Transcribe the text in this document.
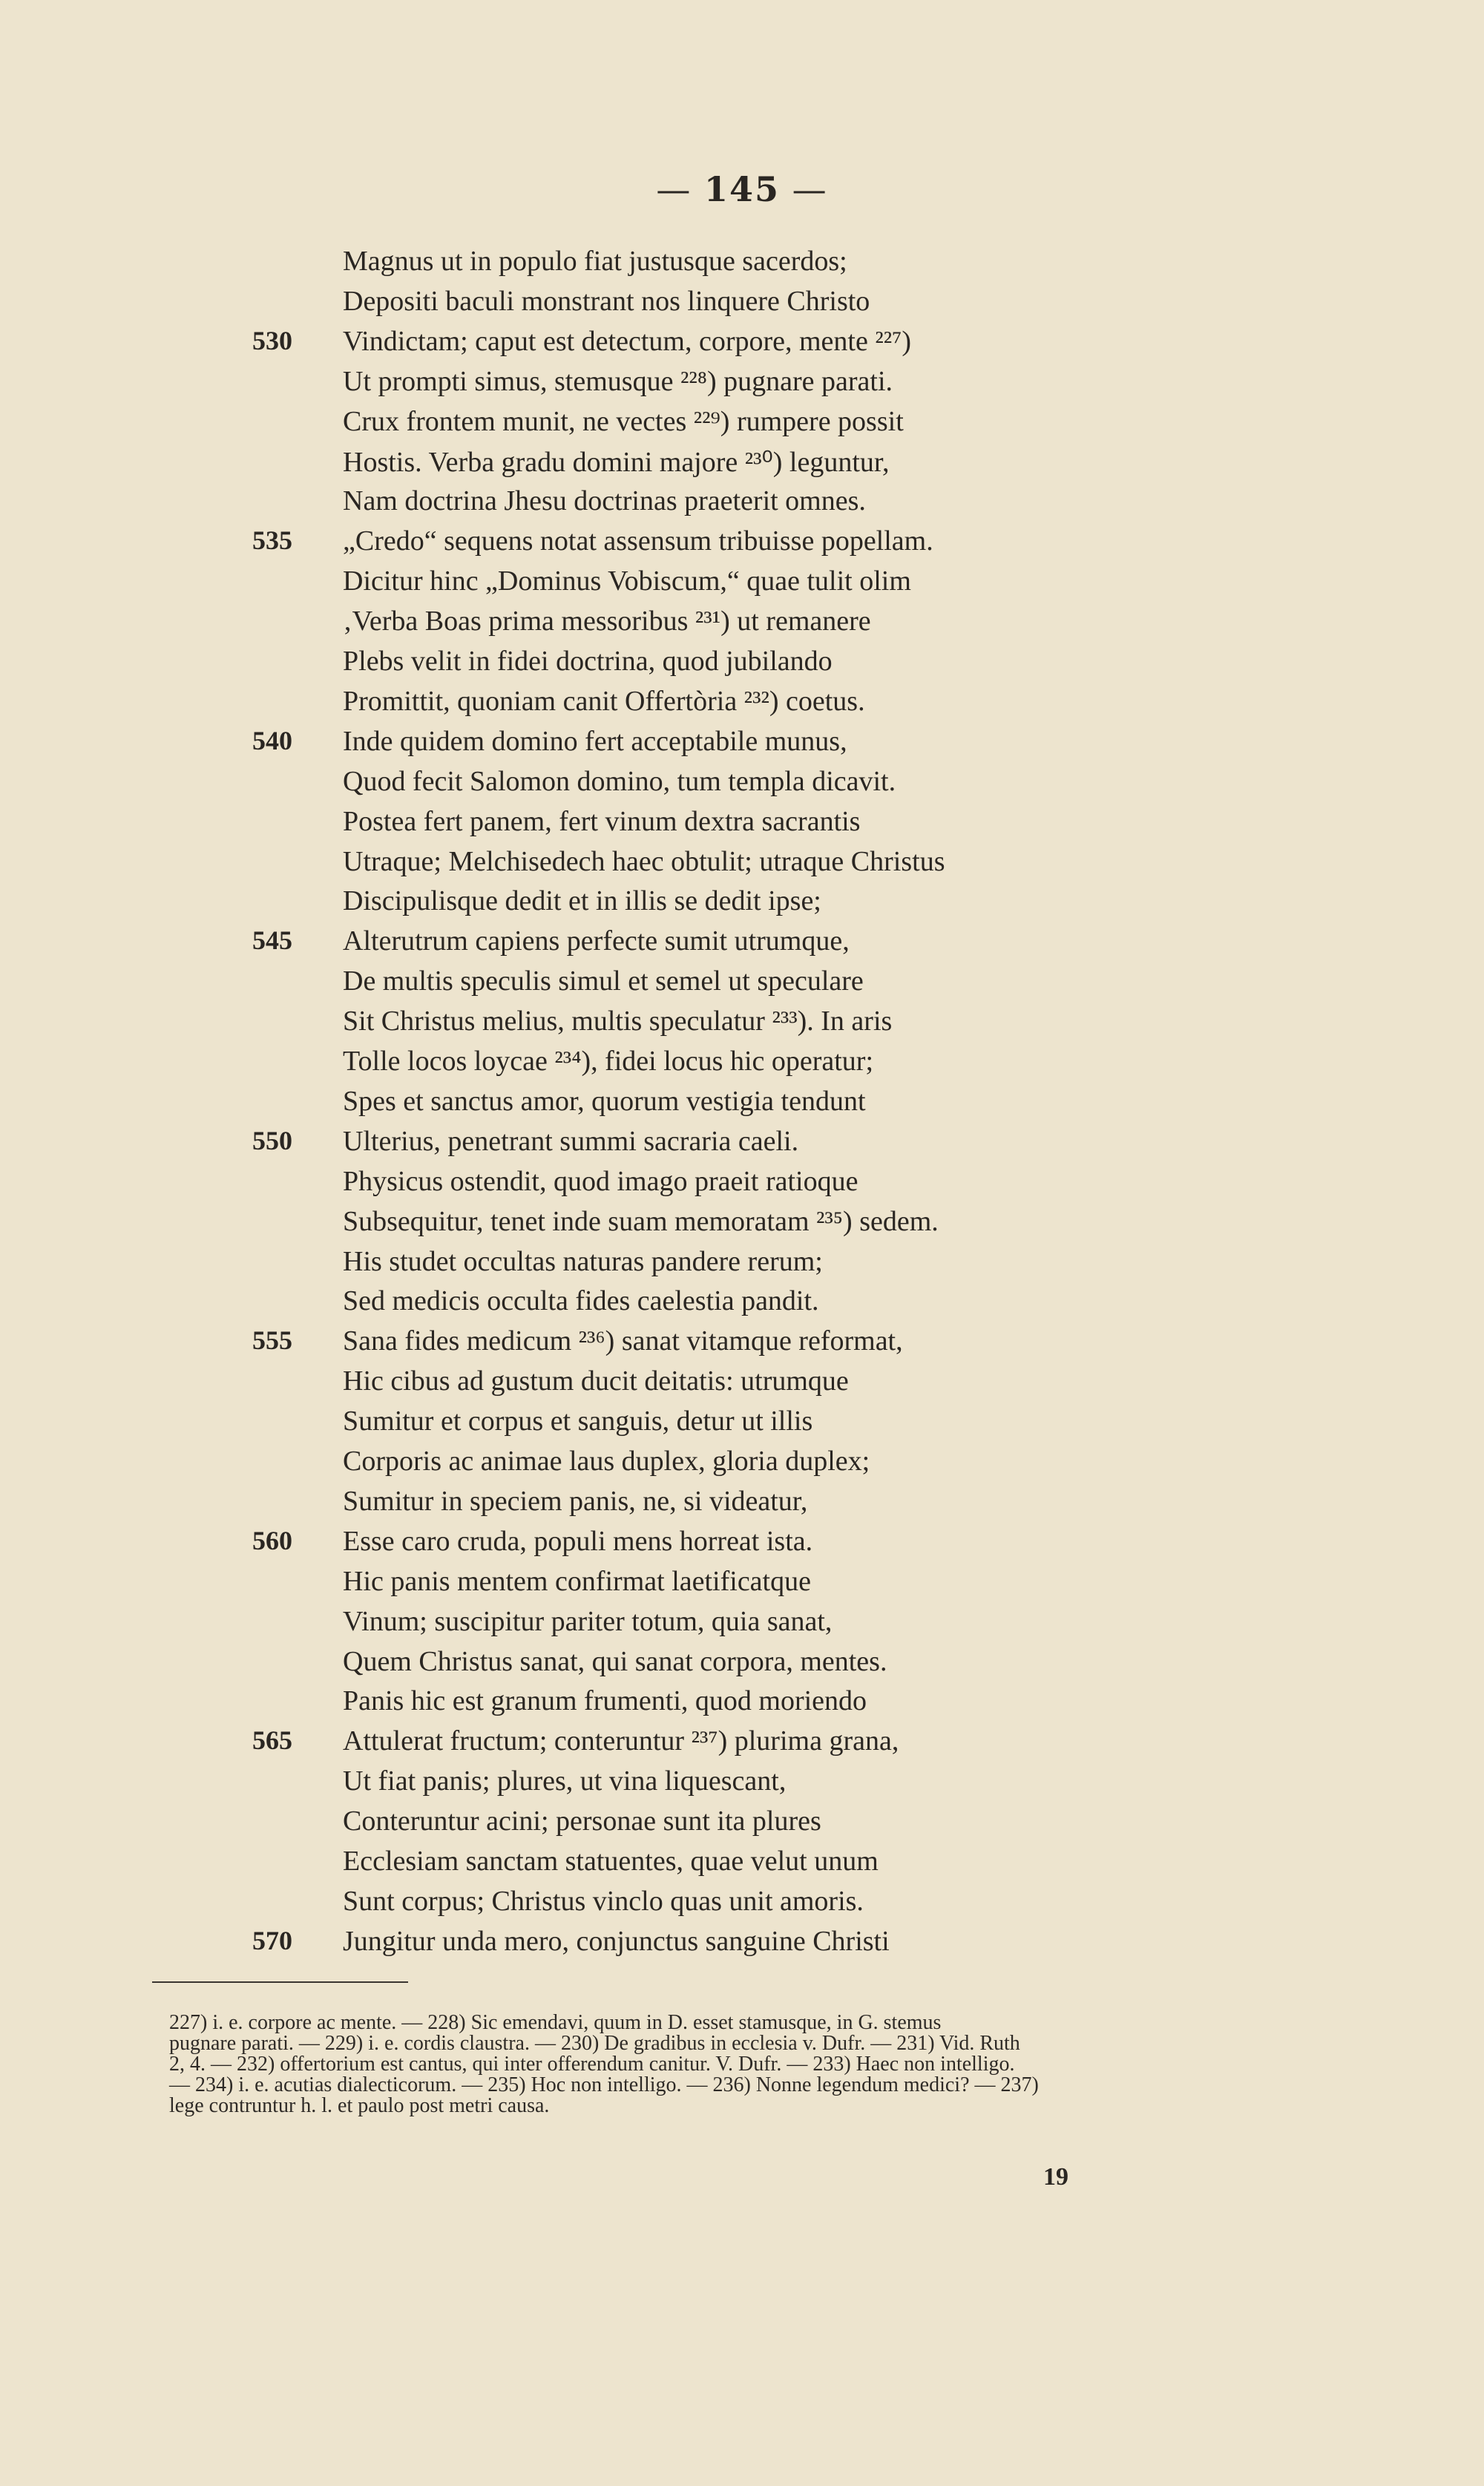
— 145 —
Magnus ut in populo fiat justusque sacerdos;
Depositi baculi monstrant nos linquere Christo
530	Vindictam; caput est detectum, corpore, mente ²²⁷)
Ut prompti simus, stemusque ²²⁸) pugnare parati.
Crux frontem munit, ne vectes ²²⁹) rumpere possit
Hostis. Verba gradu domini majore ²³⁰) leguntur,
Nam doctrina Jhesu doctrinas praeterit omnes.
535	„Credo“ sequens notat assensum tribuisse popellam.
Dicitur hinc „Dominus Vobiscum,“ quae tulit olim
‚Verba Boas prima messoribus ²³¹) ut remanere
Plebs velit in fidei doctrina, quod jubilando
Promittit, quoniam canit Offertòria ²³²) coetus.
540	Inde quidem domino fert acceptabile munus,
Quod fecit Salomon domino, tum templa dicavit.
Postea fert panem, fert vinum dextra sacrantis
Utraque; Melchisedech haec obtulit; utraque Christus
Discipulisque dedit et in illis se dedit ipse;
545	Alterutrum capiens perfecte sumit utrumque,
De multis speculis simul et semel ut speculare
Sit Christus melius, multis speculatur ²³³). In aris
Tolle locos loycae ²³⁴), fidei locus hic operatur;
Spes et sanctus amor, quorum vestigia tendunt
550	Ulterius, penetrant summi sacraria caeli.
Physicus ostendit, quod imago praeit ratioque
Subsequitur, tenet inde suam memoratam ²³⁵) sedem.
His studet occultas naturas pandere rerum;
Sed medicis occulta fides caelestia pandit.
555	Sana fides medicum ²³⁶) sanat vitamque reformat,
Hic cibus ad gustum ducit deitatis: utrumque
Sumitur et corpus et sanguis, detur ut illis
Corporis ac animae laus duplex, gloria duplex;
Sumitur in speciem panis, ne, si videatur,
560	Esse caro cruda, populi mens horreat ista.
Hic panis mentem confirmat laetificatque
Vinum; suscipitur pariter totum, quia sanat,
Quem Christus sanat, qui sanat corpora, mentes.
Panis hic est granum frumenti, quod moriendo
565	Attulerat fructum; conteruntur ²³⁷) plurima grana,
Ut fiat panis; plures, ut vina liquescant,
Conteruntur acini; personae sunt ita plures
Ecclesiam sanctam statuentes, quae velut unum
Sunt corpus; Christus vinclo quas unit amoris.
570	Jungitur unda mero, conjunctus sanguine Christi
227) i. e. corpore ac mente. — 228) Sic emendavi, quum in D. esset stamusque, in G. stemus
pugnare parati. — 229) i. e. cordis claustra. — 230) De gradibus in ecclesia v. Dufr. — 231) Vid. Ruth
2, 4. — 232) offertorium est cantus, qui inter offerendum canitur. V. Dufr. — 233) Haec non intelligo.
— 234) i. e. acutias dialecticorum. — 235) Hoc non intelligo. — 236) Nonne legendum medici? — 237)
lege contruntur h. l. et paulo post metri causa.
19
